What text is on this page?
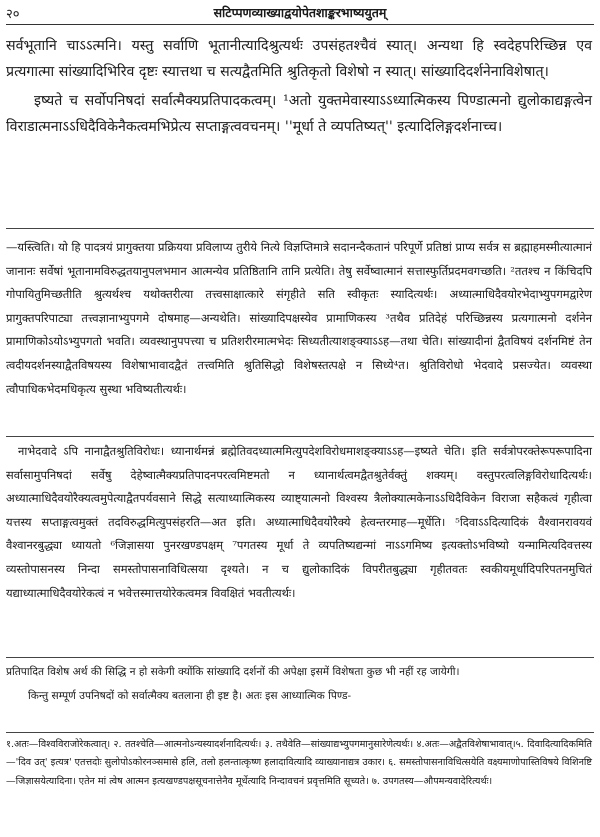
२०	सटिप्पणव्याख्याद्वयोपेतशाङ्करभाष्ययुतम्

सर्वभूतानि चाऽऽत्मनि। यस्तु सर्वाणि भूतानीत्यादिश्रुत्यर्थः उपसंहतश्चैवं स्यात्। अन्यथा हि स्वदेहपरिच्छिन्न एव प्रत्यगात्मा सांख्यादिभिरिव दृष्टः स्यात्तथा च सत्यद्वैतमिति श्रुतिकृतो विशेषो न स्यात्। सांख्यादिदर्शनेनाविशेषात्।

इष्यते च सर्वोपनिषदां सर्वात्मैक्यप्रतिपादकत्वम्। ¹अतो युक्तमेवास्याऽऽध्यात्मिकस्य पिण्डात्मनो द्युलोकाद्यङ्गत्वेन विराडात्मनाऽऽधिदैविकेनैकत्वमभिप्रेत्य सप्ताङ्गत्ववचनम्। ''मूर्धा ते व्यपतिष्यत्'' इत्यादिलिङ्गदर्शनाच्च।

—यस्त्विति। यो हि पादत्रयं प्रागुक्तया प्रक्रियया प्रविलाप्य तुरीये नित्ये विज्ञप्तिमात्रे सदानन्दैकतानं परिपूर्णे प्रतिष्ठां प्राप्य सर्वत्र स ब्रह्माहमस्मीत्यात्मानं जानानः सर्वेषां भूतानामविरुद्धतयानुपलभमान आत्मन्येव प्रतिष्ठितानि तानि प्रत्येति। तेषु सर्वेष्वात्मानं सत्तास्फुर्तिप्रदमवगच्छति। ²ततश्च न किंचिदपि गोपायितुमिच्छतीति श्रुत्यर्थश्च यथोक्तरीत्या तत्त्वसाक्षात्कारे संगृहीते सति स्वीकृतः स्यादित्यर्थः। अध्यात्माधिदैवयोरभेदाभ्युपगमद्वारेण प्रागुक्तपरिपाट्या तत्त्वज्ञानाभ्युपगमे दोषमाह—अन्यथेति। सांख्यादिपक्षस्येव प्रामाणिकस्य ³तथैव प्रतिदेहं परिच्छिन्नस्य प्रत्यगात्मनो दर्शनेन प्रामाणिकोऽयोऽभ्युपगतो भवति। व्यवस्थानुपपत्त्या च प्रतिशरीरमात्मभेदः सिध्यतीत्याशङ्क्याऽऽह—तथा चेति। सांख्यादीनां द्वैतविषयं दर्शनमिष्टं तेन त्वदीयदर्शनस्याद्वैतविषयस्य विशेषाभावादद्वैतं तत्त्वमिति श्रुतिसिद्धो विशेषस्तत्पक्षे न सिध्ये⁴त। श्रुतिविरोधो भेदवादे प्रसज्येत। व्यवस्था त्वौपाधिकभेदमधिकृत्य सुस्था भविष्यतीत्यर्थः।

नाभेदवादे ऽपि नानाद्वैतश्रुतिविरोधः। ध्यानार्थमन्नं ब्रह्मेतिवदध्यात्ममित्युपदेशविरोधमाशङ्क्याऽऽह—इष्यते चेति। इति सर्वत्रोपरक्तेरूपरूपादिना सर्वासामुपनिषदां सर्वेषु देहेष्वात्मैक्यप्रतिपादनपरत्वमिष्टमतो न ध्यानार्थत्वमद्वैतश्रुतेर्वक्तुं शक्यम्। वस्तुपरत्वलिङ्गविरोधादित्यर्थः। अध्यात्माधिदैवयोरैक्यत्वमुपेत्याद्वैतपर्यवसाने सिद्धे सत्याध्यात्मिकस्य व्याष्ट्यात्मनो विश्वस्य त्रैलोक्यात्मकेनाऽऽधिदैविकेन विराजा सहैकत्वं गृहीत्वा यत्तस्य सप्ताङ्गत्वमुक्तं तदविरुद्धमित्युपसंहरति—अत इति। अध्यात्माधिदैवयोरैक्ये हेत्वन्तरमाह—मूर्धेति। ⁵दिवाऽऽदित्यादिकं वैश्वानरावयवं वैश्वानरबुद्ध्या ध्यायतो ⁶जिज्ञासया पुनरखण्डपक्षम् ⁷पगतस्य मूर्धा ते व्यपतिष्यद्यन्मां नाऽऽगमिष्य इत्यक्तोऽभविष्यो यन्मामित्यदिवत्तस्य व्यस्तोपासनस्य निन्दा समस्तोपासनाविधित्सया दृश्यते। न च द्युलोकादिकं विपरीतबुद्ध्या गृहीतवतः स्वकीयमूर्धादिपरिपतनमुचितं यद्याध्यात्माधिदैवयोरेकत्वं न भवेत्तस्मात्तयोरेकत्वमत्र विवक्षितं भवतीत्यर्थः।

प्रतिपादित विशेष अर्थ की सिद्धि न हो सकेगी क्योंकि सांख्यादि दर्शनों की अपेक्षा इसमें विशेषता कुछ भी नहीं रह जायेगी।

किन्तु सम्पूर्ण उपनिषदों को सर्वात्मैक्य बतलाना ही इष्ट है। अतः इस आध्यात्मिक पिण्ड-

१.अतः—विश्वविराजोरेकत्वात्। २. ततश्चेति—आत्मनोऽन्यस्यादर्शनादित्यर्थः। ३. तथैवेति—सांख्याद्यभ्युपगमानुसारेणेत्यर्थः। ४.अतः—अद्वैतविशेषाभावात्।५. दिवादित्यादिकमिति—'दिव उत्' इत्यत्र' एतत्तदोः सुलोपोऽकोरनञ्समासे हलि, तलो हलन्तात्कृष्ण हलादावित्यादि व्याख्यानाद्यत्र उकार। ६. समस्तोपासनाविधित्सयेति वक्ष्यमाणोपास्तिविषये विशिनष्टि—जिज्ञासयेत्यादिना। एतेन मां त्वेष आत्मन इत्यखण्डपक्षसूचनात्तेनैव मूर्धेत्यादि निन्दावचनं प्रवृत्तमिति सूच्यते। ७. उपगतस्य—औपमन्यवादेरित्यर्थः।
